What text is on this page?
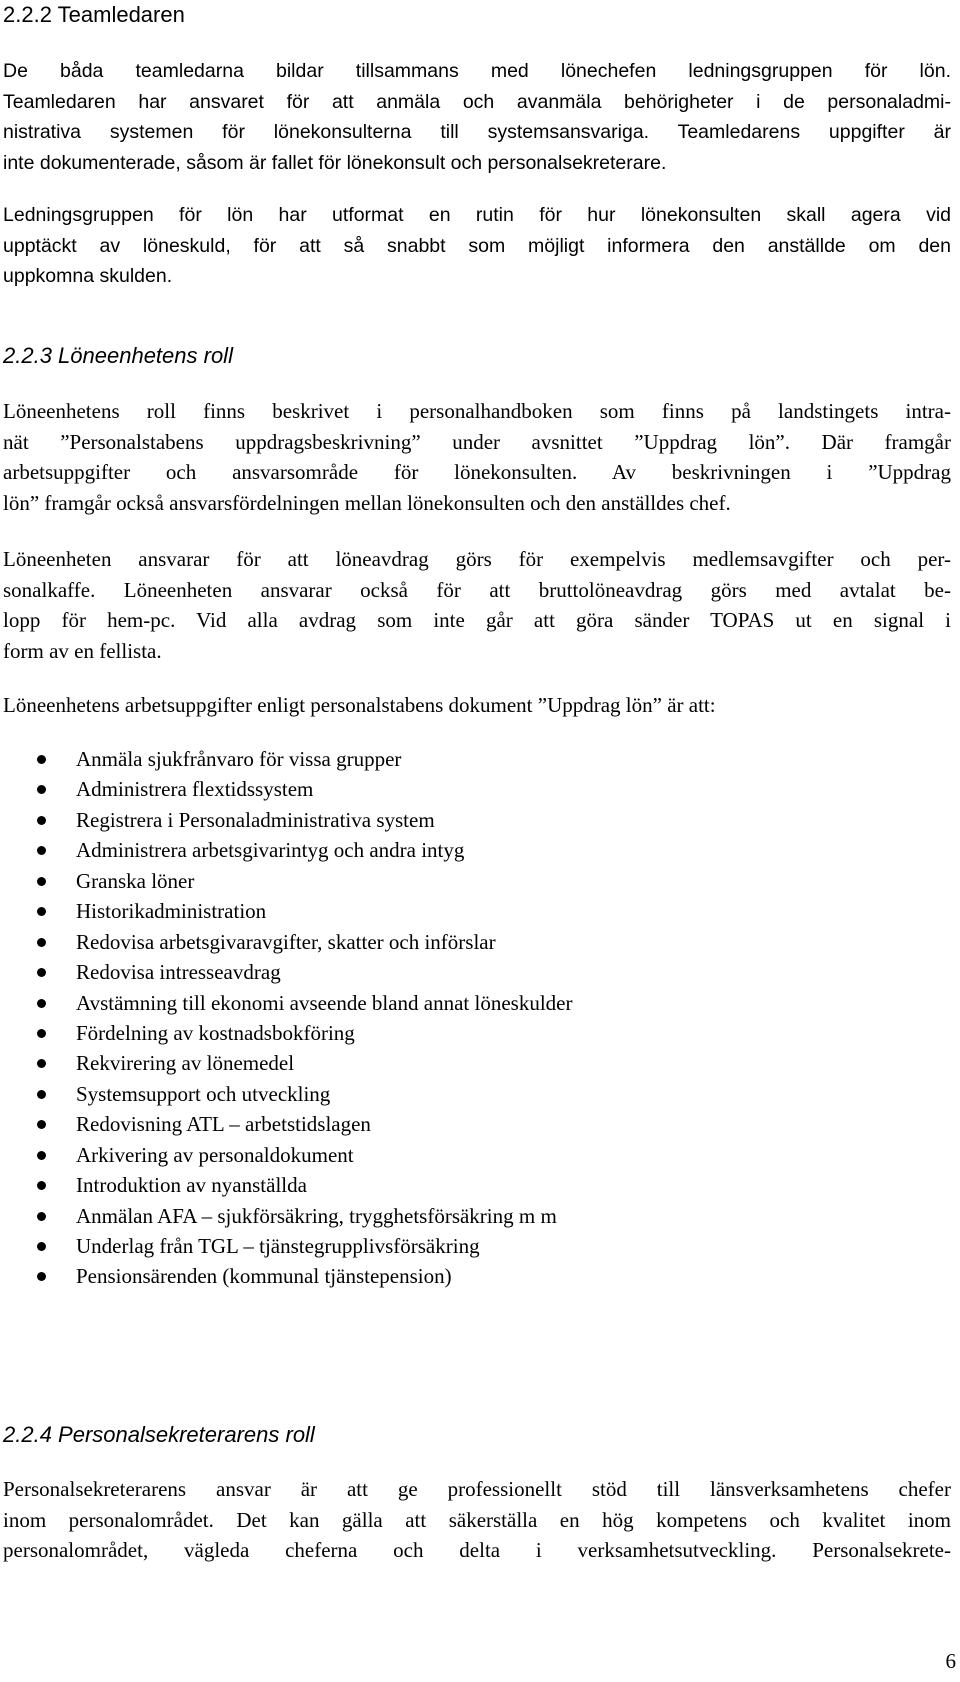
2.2.2 Teamledaren

De båda teamledarna bildar tillsammans med lönechefen ledningsgruppen för lön.
Teamledaren har ansvaret för att anmäla och avanmäla behörigheter i de personaladmi-
nistrativa systemen för lönekonsulterna till systemsansvariga. Teamledarens uppgifter är
inte dokumenterade, såsom är fallet för lönekonsult och personalsekreterare.

Ledningsgruppen för lön har utformat en rutin för hur lönekonsulten skall agera vid
upptäckt av löneskuld, för att så snabbt som möjligt informera den anställde om den
uppkomna skulden.

2.2.3 Löneenhetens roll

Löneenhetens roll finns beskrivet i personalhandboken som finns på landstingets intra-
nät ”Personalstabens uppdragsbeskrivning” under avsnittet ”Uppdrag lön”. Där framgår
arbetsuppgifter och ansvarsområde för lönekonsulten. Av beskrivningen i ”Uppdrag
lön” framgår också ansvarsfördelningen mellan lönekonsulten och den anställdes chef.

Löneenheten ansvarar för att löneavdrag görs för exempelvis medlemsavgifter och per-
sonalkaffe. Löneenheten ansvarar också för att bruttolöneavdrag görs med avtalat be-
lopp för hem-pc. Vid alla avdrag som inte går att göra sänder TOPAS ut en signal i
form av en fellista.

Löneenhetens arbetsuppgifter enligt personalstabens dokument ”Uppdrag lön” är att:

Anmäla sjukfrånvaro för vissa grupper
Administrera flextidssystem
Registrera i Personaladministrativa system
Administrera arbetsgivarintyg och andra intyg
Granska löner
Historikadministration
Redovisa arbetsgivaravgifter, skatter och införslar
Redovisa intresseavdrag
Avstämning till ekonomi avseende bland annat löneskulder
Fördelning av kostnadsbokföring
Rekvirering av lönemedel
Systemsupport och utveckling
Redovisning ATL – arbetstidslagen
Arkivering av personaldokument
Introduktion av nyanställda
Anmälan AFA – sjukförsäkring, trygghetsförsäkring m m
Underlag från TGL – tjänstegrupplivsförsäkring
Pensionsärenden (kommunal tjänstepension)
2.2.4 Personalsekreterarens roll

Personalsekreterarens ansvar är att ge professionellt stöd till länsverksamhetens chefer
inom personalområdet. Det kan gälla att säkerställa en hög kompetens och kvalitet inom
personalområdet, vägleda cheferna och delta i verksamhetsutveckling. Personalsekrete-

6
